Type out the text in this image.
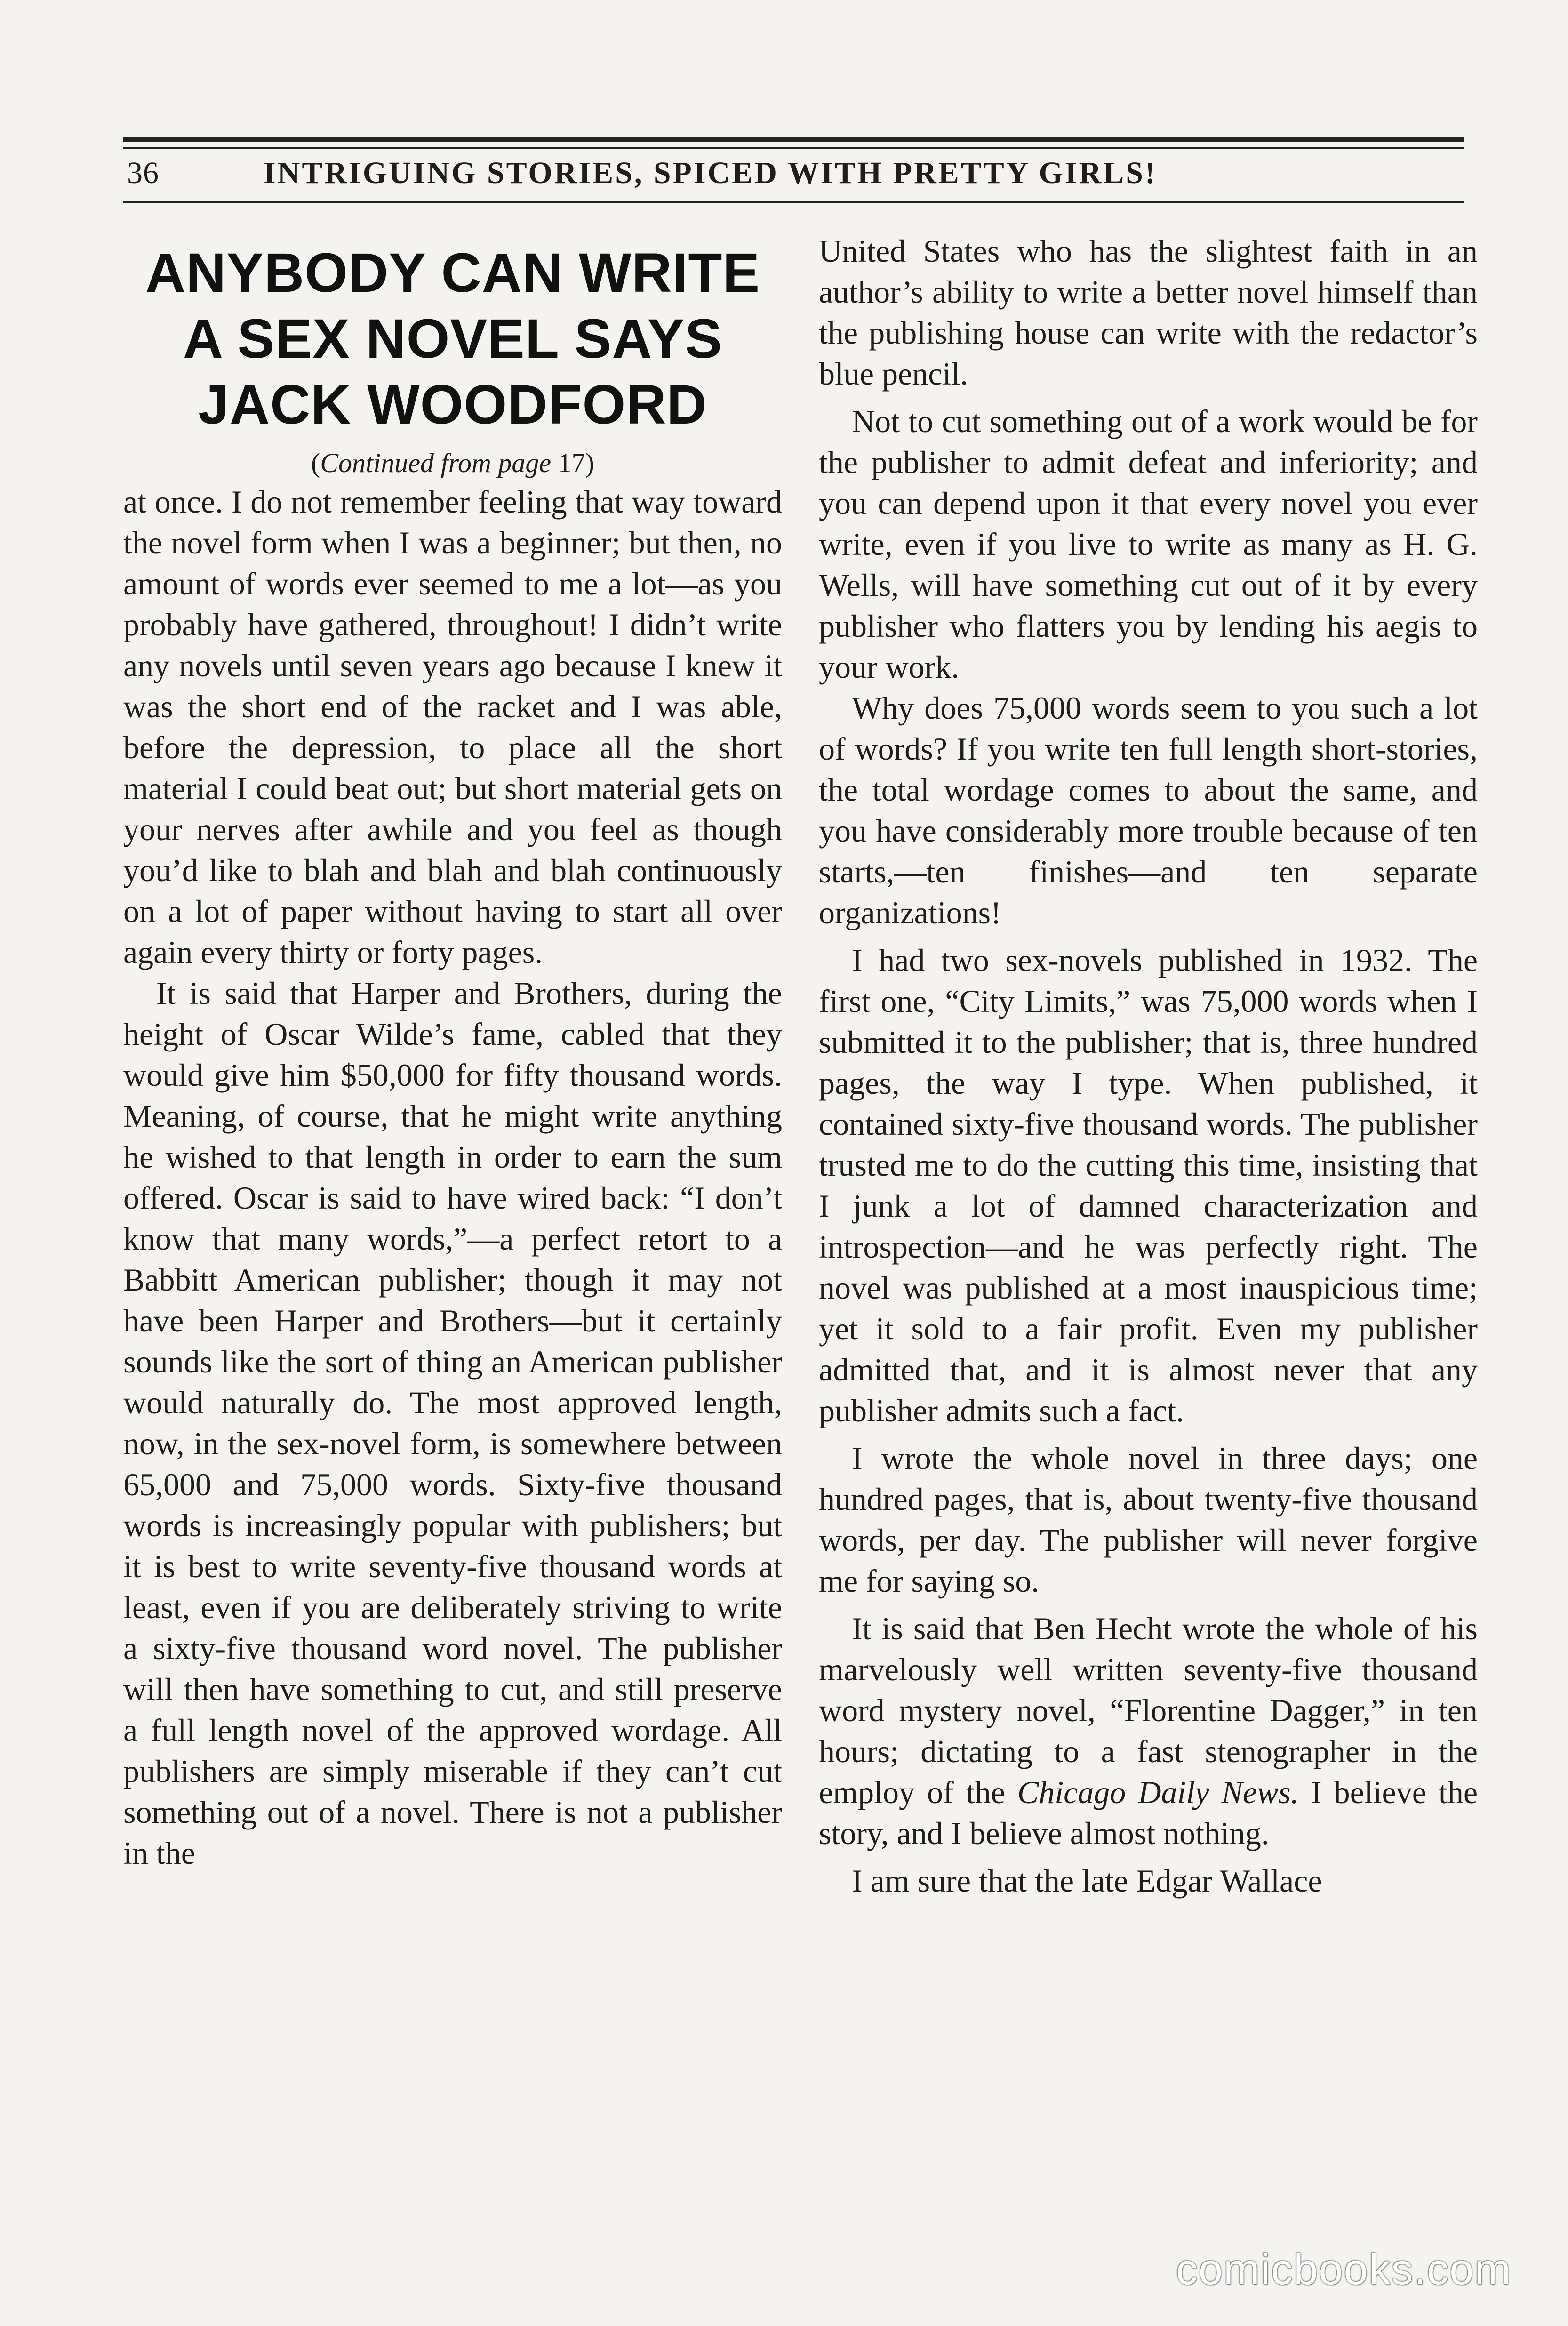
36	INTRIGUING STORIES, SPICED WITH PRETTY GIRLS!
ANYBODY CAN WRITE A SEX NOVEL SAYS JACK WOODFORD
(Continued from page 17)

at once. I do not remember feeling that way toward the novel form when I was a beginner; but then, no amount of words ever seemed to me a lot—as you probably have gathered, throughout! I didn’t write any novels until seven years ago because I knew it was the short end of the racket and I was able, before the depression, to place all the short material I could beat out; but short material gets on your nerves after awhile and you feel as though you’d like to blah and blah and blah continuously on a lot of paper without having to start all over again every thirty or forty pages.

It is said that Harper and Brothers, during the height of Oscar Wilde’s fame, cabled that they would give him $50,000 for fifty thousand words. Meaning, of course, that he might write anything he wished to that length in order to earn the sum offered. Oscar is said to have wired back: “I don’t know that many words,”—a perfect retort to a Babbitt American publisher; though it may not have been Harper and Brothers—but it certainly sounds like the sort of thing an American publisher would naturally do. The most approved length, now, in the sex-novel form, is somewhere between 65,000 and 75,000 words. Sixty-five thousand words is increasingly popular with publishers; but it is best to write seventy-five thousand words at least, even if you are deliberately striving to write a sixty-five thousand word novel. The publisher will then have something to cut, and still preserve a full length novel of the approved wordage. All publishers are simply miserable if they can’t cut something out of a novel. There is not a publisher in the

United States who has the slightest faith in an author’s ability to write a better novel himself than the publishing house can write with the redactor’s blue pencil.

Not to cut something out of a work would be for the publisher to admit defeat and inferiority; and you can depend upon it that every novel you ever write, even if you live to write as many as H. G. Wells, will have something cut out of it by every publisher who flatters you by lending his aegis to your work.

Why does 75,000 words seem to you such a lot of words? If you write ten full length short-stories, the total wordage comes to about the same, and you have considerably more trouble because of ten starts,—ten finishes—and ten separate organizations!

I had two sex-novels published in 1932. The first one, “City Limits,” was 75,000 words when I submitted it to the publisher; that is, three hundred pages, the way I type. When published, it contained sixty-five thousand words. The publisher trusted me to do the cutting this time, insisting that I junk a lot of damned characterization and introspection—and he was perfectly right. The novel was published at a most inauspicious time; yet it sold to a fair profit. Even my publisher admitted that, and it is almost never that any publisher admits such a fact.

I wrote the whole novel in three days; one hundred pages, that is, about twenty-five thousand words, per day. The publisher will never forgive me for saying so.

It is said that Ben Hecht wrote the whole of his marvelously well written seventy-five thousand word mystery novel, “Florentine Dagger,” in ten hours; dictating to a fast stenographer in the employ of the Chicago Daily News. I believe the story, and I believe almost nothing.

I am sure that the late Edgar Wallace

comicbooks.com
